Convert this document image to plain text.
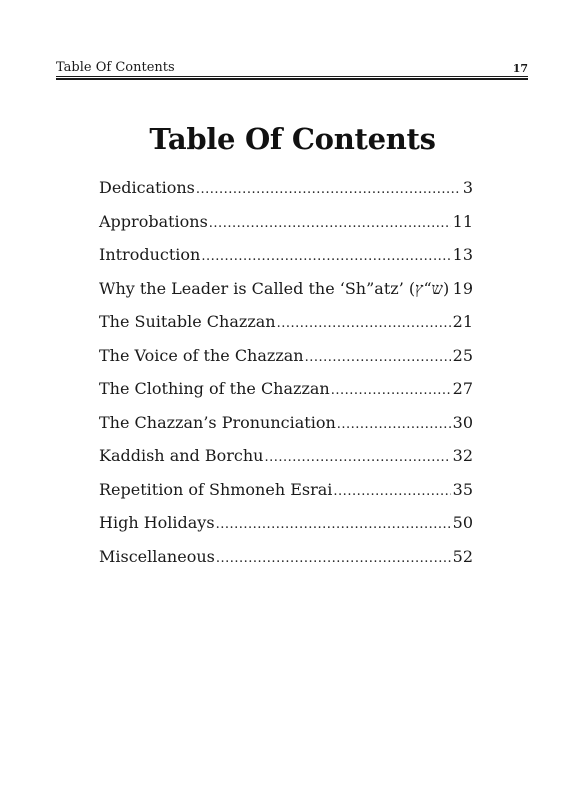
Table Of Contents	17
Table Of Contents
Dedications .....	3
Approbations .....	11
Introduction .....	13
Why the Leader is Called the ‘Sh”atz’ (ש“ץ) ..... 19
The Suitable Chazzan .....	21
The Voice of the Chazzan .....	25
The Clothing of the Chazzan .....	27
The Chazzan’s Pronunciation .....	30
Kaddish and Borchu .....	32
Repetition of Shmoneh Esrai .....	35
High Holidays .....	50
Miscellaneous .....	52
